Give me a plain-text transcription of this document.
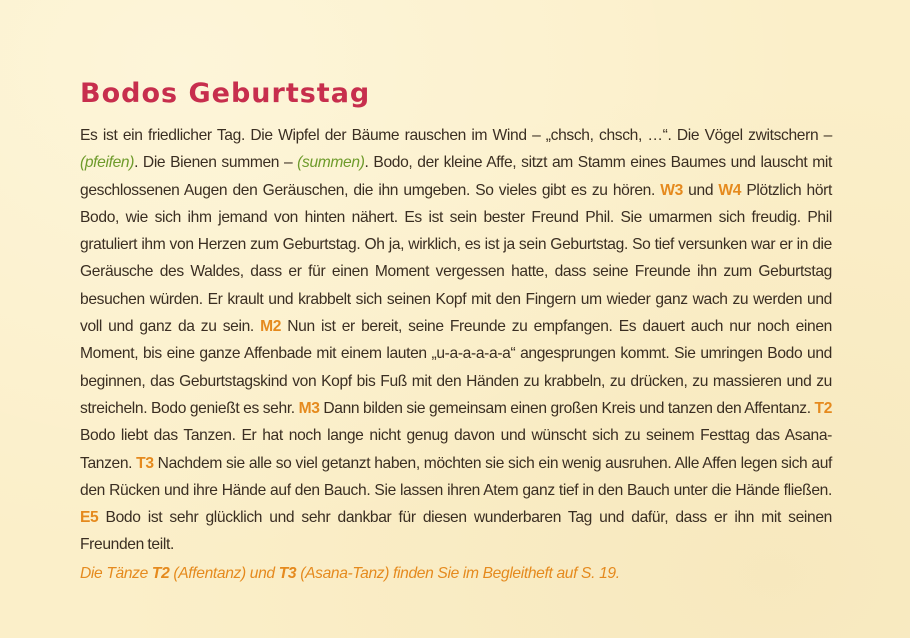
Bodos Geburtstag

Es ist ein friedlicher Tag. Die Wipfel der Bäume rauschen im Wind – „chsch, chsch, …“. Die Vögel zwitschern – (pfeifen). Die Bienen summen – (summen). Bodo, der kleine Affe, sitzt am Stamm eines Baumes und lauscht mit geschlossenen Augen den Geräuschen, die ihn umgeben. So vieles gibt es zu hören. W3 und W4 Plötzlich hört Bodo, wie sich ihm jemand von hinten nähert. Es ist sein bester Freund Phil. Sie umarmen sich freudig. Phil gratuliert ihm von Herzen zum Geburtstag. Oh ja, wirklich, es ist ja sein Geburtstag. So tief versunken war er in die Geräusche des Waldes, dass er für einen Moment vergessen hatte, dass seine Freunde ihn zum Geburtstag besuchen würden. Er krault und krabbelt sich seinen Kopf mit den Fingern um wieder ganz wach zu werden und voll und ganz da zu sein. M2 Nun ist er bereit, seine Freunde zu empfangen. Es dauert auch nur noch einen Moment, bis eine ganze Affenbade mit einem lauten „u-a-a-a-a-a“ angesprungen kommt. Sie umringen Bodo und beginnen, das Geburtstagskind von Kopf bis Fuß mit den Händen zu krabbeln, zu drücken, zu massieren und zu streicheln. Bodo genießt es sehr. M3 Dann bilden sie gemeinsam einen großen Kreis und tanzen den Affentanz. T2 Bodo liebt das Tanzen. Er hat noch lange nicht genug davon und wünscht sich zu seinem Festtag das Asana-Tanzen. T3 Nachdem sie alle so viel getanzt haben, möchten sie sich ein wenig ausruhen. Alle Affen legen sich auf den Rücken und ihre Hände auf den Bauch. Sie lassen ihren Atem ganz tief in den Bauch unter die Hände fließen. E5 Bodo ist sehr glücklich und sehr dankbar für diesen wunderbaren Tag und dafür, dass er ihn mit seinen Freunden teilt.

Die Tänze T2 (Affentanz) und T3 (Asana-Tanz) finden Sie im Begleitheft auf S. 19.
